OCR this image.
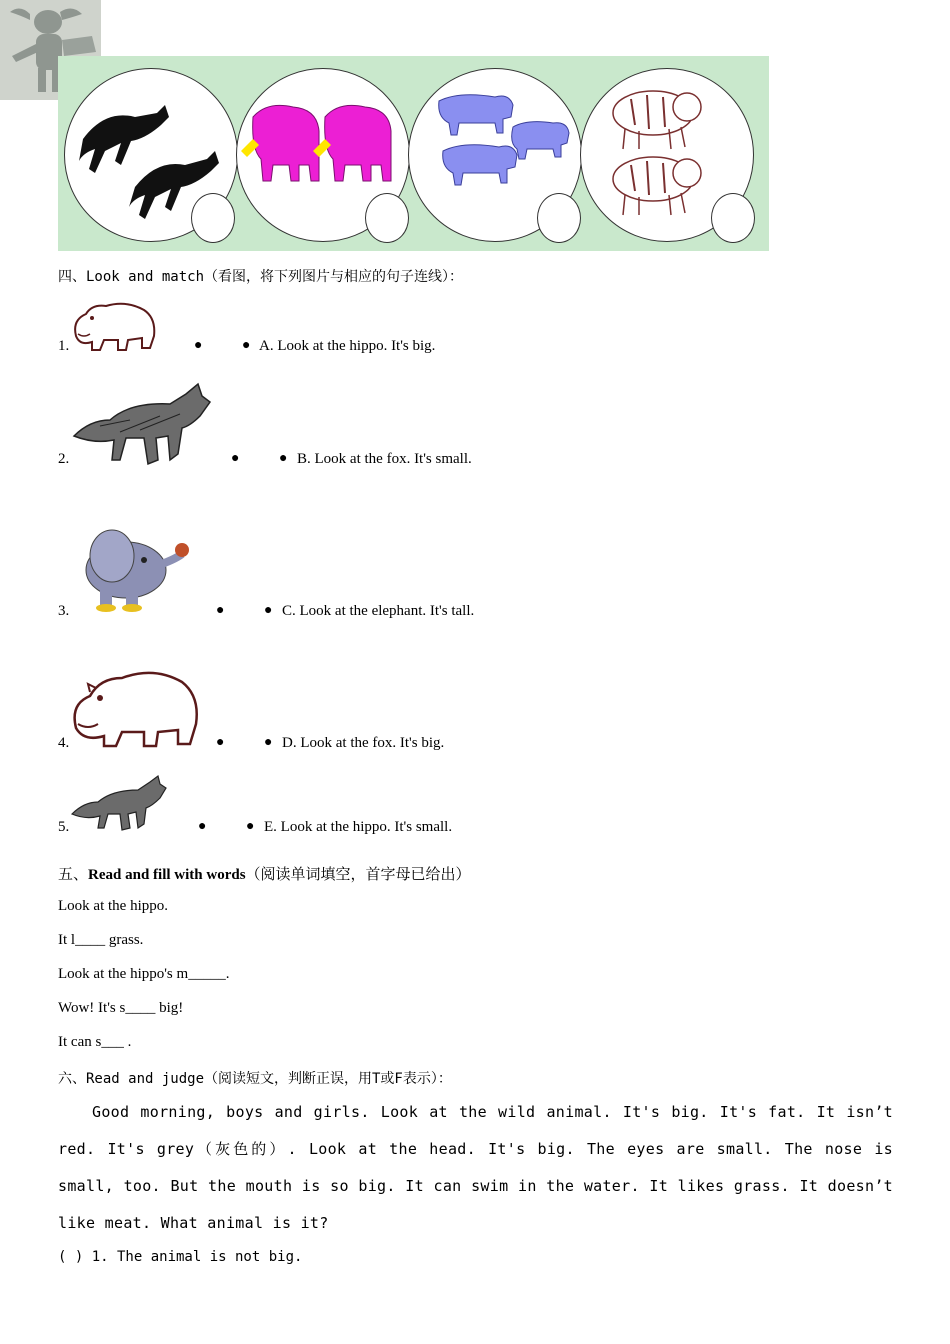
四、Look and match（看图，将下列图片与相应的句子连线）：
1.	●	● A. Look at the hippo. It's big.
2.	●	● B. Look at the fox. It's small.
3.	●	● C. Look at the elephant. It's tall.
4.	●	● D. Look at the fox. It's big.
5.	●	● E. Look at the hippo. It's small.
五、Read and fill with words（阅读单词填空，首字母已给出）
Look at the hippo.
It l____ grass.
Look at the hippo's m_____.
Wow! It's s____ big!
It can s___ .
六、Read and judge（阅读短文，判断正误，用T或F表示）：
Good morning, boys and girls. Look at the wild animal. It's big. It's fat. It isn’t red. It's grey（灰色的）. Look at the head. It's big. The eyes are small. The nose is small, too. But the mouth is so big. It can swim in the water. It likes grass. It doesn’t like meat. What animal is it?
( ) 1. The animal is not big.
